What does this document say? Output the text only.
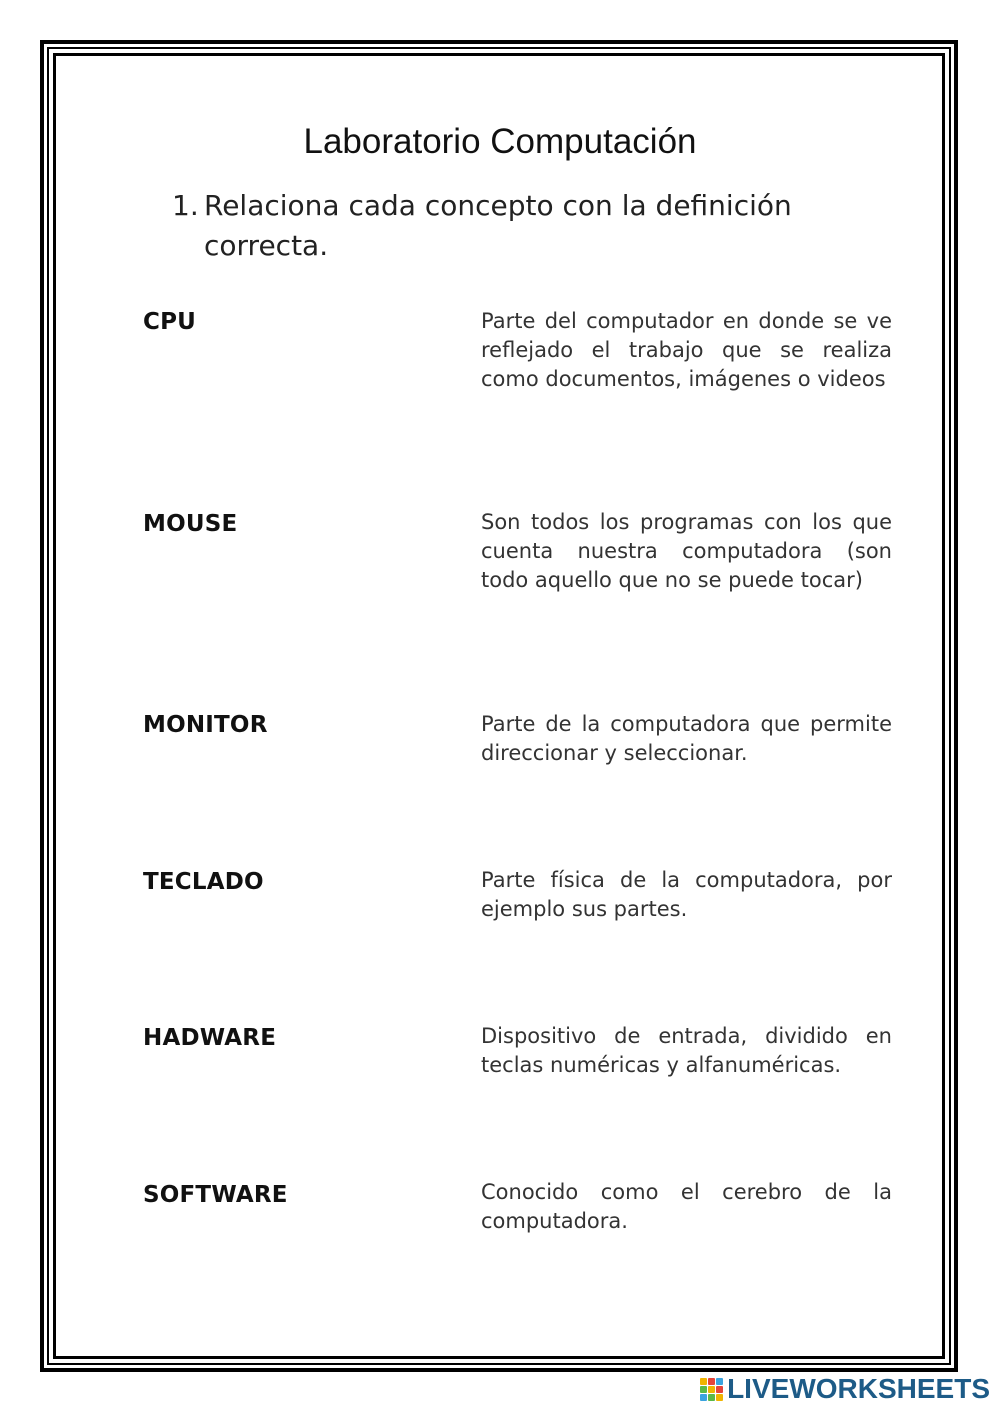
Laboratorio Computación
1. Relaciona cada concepto con la definición correcta.
CPU
MOUSE
MONITOR
TECLADO
HADWARE
SOFTWARE
Parte del computador en donde se ve reflejado el trabajo que se realiza como documentos, imágenes o videos
Son todos los programas con los que cuenta nuestra computadora (son todo aquello que no se puede tocar)
Parte de la computadora que permite direccionar y seleccionar.
Parte física de la computadora, por ejemplo sus partes.
Dispositivo de entrada, dividido en teclas numéricas y alfanuméricas.
Conocido como el cerebro de la computadora.
LIVEWORKSHEETS
